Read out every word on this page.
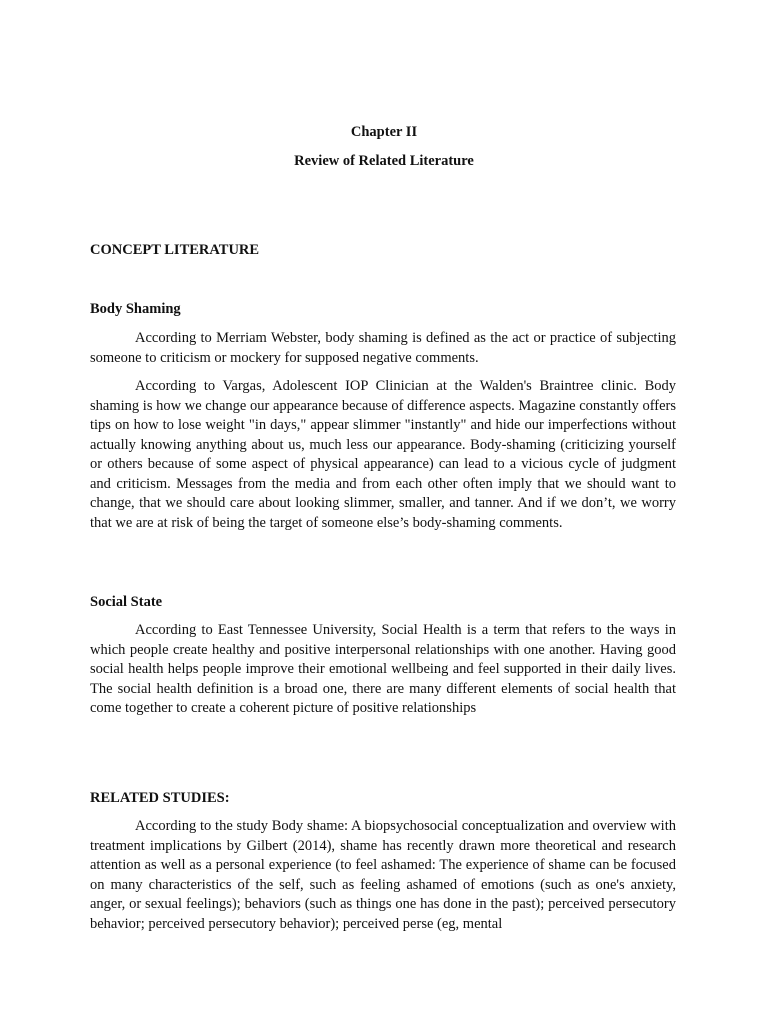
Chapter II
Review of Related Literature
CONCEPT LITERATURE
Body Shaming

According to Merriam Webster, body shaming is defined as the act or practice of subjecting someone to criticism or mockery for supposed negative comments.

According to Vargas, Adolescent IOP Clinician at the Walden's Braintree clinic. Body shaming is how we change our appearance because of difference aspects. Magazine constantly offers tips on how to lose weight "in days," appear slimmer "instantly" and hide our imperfections without actually knowing anything about us, much less our appearance. Body-shaming (criticizing yourself or others because of some aspect of physical appearance) can lead to a vicious cycle of judgment and criticism. Messages from the media and from each other often imply that we should want to change, that we should care about looking slimmer, smaller, and tanner. And if we don’t, we worry that we are at risk of being the target of someone else’s body-shaming comments.

Social State

According to East Tennessee University, Social Health is a term that refers to the ways in which people create healthy and positive interpersonal relationships with one another. Having good social health helps people improve their emotional wellbeing and feel supported in their daily lives. The social health definition is a broad one, there are many different elements of social health that come together to create a coherent picture of positive relationships

RELATED STUDIES:

According to the study Body shame: A biopsychosocial conceptualization and overview with treatment implications by Gilbert (2014), shame has recently drawn more theoretical and research attention as well as a personal experience (to feel ashamed: The experience of shame can be focused on many characteristics of the self, such as feeling ashamed of emotions (such as one's anxiety, anger, or sexual feelings); behaviors (such as things one has done in the past); perceived persecutory behavior; perceived persecutory behavior); perceived perse (eg, mental
